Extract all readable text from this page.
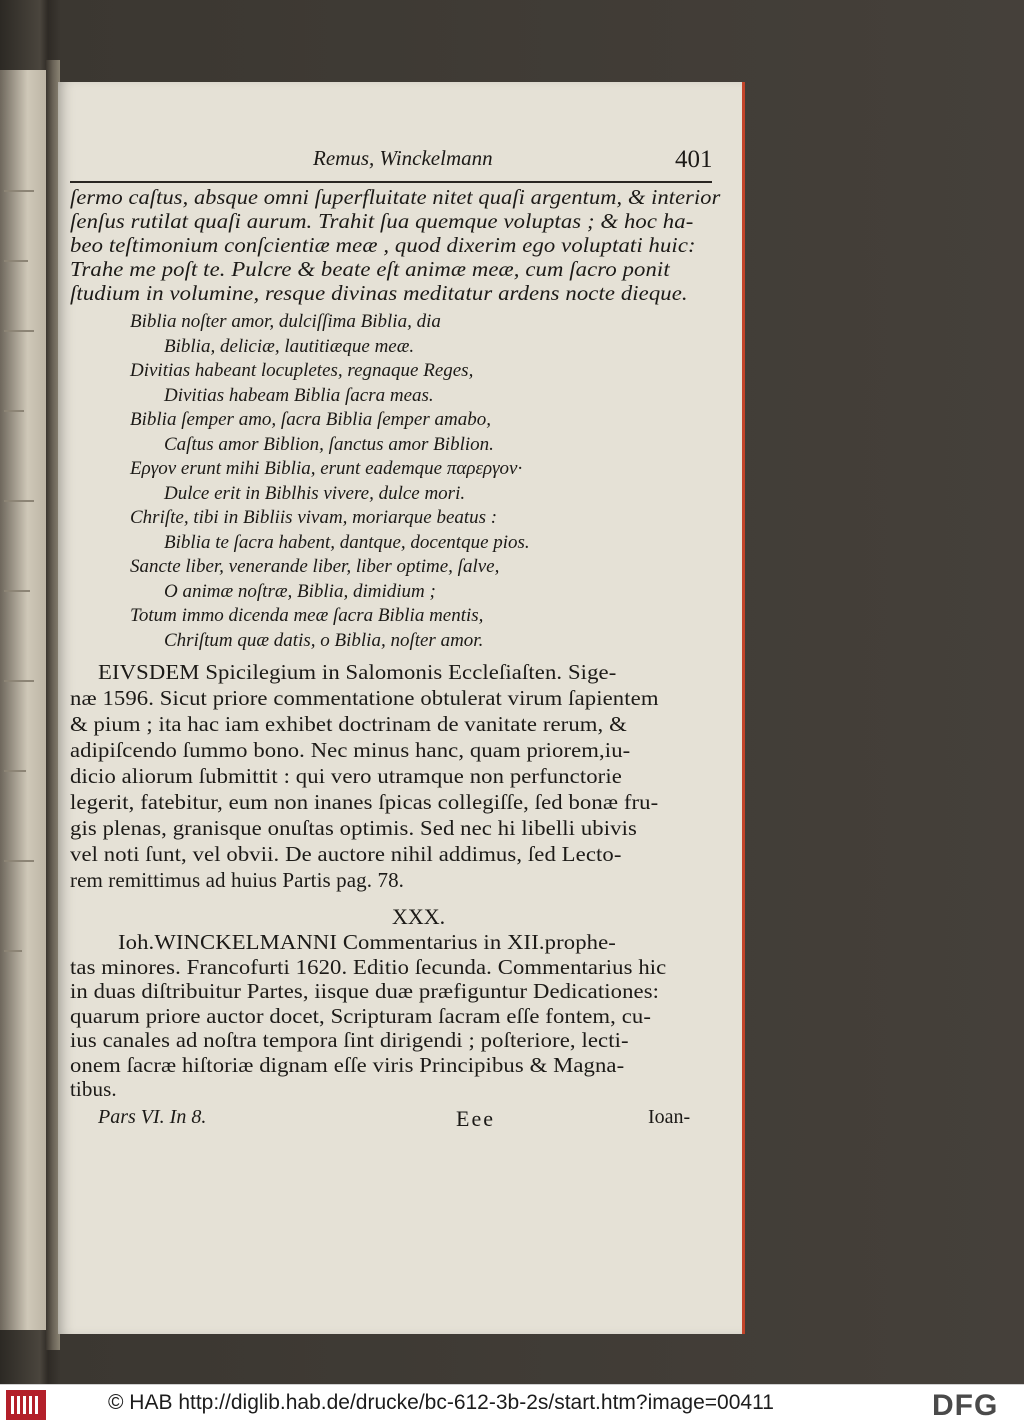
Remus, Winckelmann	401
ſermo caſtus, absque omni ſuperfluitate nitet quaſi argentum, & interior
ſenſus rutilat quaſi aurum. Trahit ſua quemque voluptas ; & hoc ha-
beo teſtimonium conſcientiæ meæ , quod dixerim ego voluptati huic:
Trahe me poſt te. Pulcre & beate eſt animæ meæ, cum ſacro ponit
ſtudium in volumine, resque divinas meditatur ardens nocte dieque.
Biblia noſter amor, dulciſſima Biblia, dia
Biblia, deliciæ, lautitiæque meæ.
Divitias habeant locupletes, regnaque Reges,
Divitias habeam Biblia ſacra meas.
Biblia ſemper amo, ſacra Biblia ſemper amabo,
Caſtus amor Biblion, ſanctus amor Biblion.
Εργον erunt mihi Biblia, erunt eademque παρεργον·
Dulce erit in Biblhis vivere, dulce mori.
Chriſte, tibi in Bibliis vivam, moriarque beatus :
Biblia te ſacra habent, dantque, docentque pios.
Sancte liber, venerande liber, liber optime, ſalve,
O animæ noſtræ, Biblia, dimidium ;
Totum immo dicenda meæ ſacra Biblia mentis,
Chriſtum quæ datis, o Biblia, noſter amor.
EIVSDEM Spicilegium in Salomonis Eccleſiaſten. Sige-
næ 1596. Sicut priore commentatione obtulerat virum ſapientem
& pium ; ita hac iam exhibet doctrinam de vanitate rerum, &
adipiſcendo ſummo bono. Nec minus hanc, quam priorem,iu-
dicio aliorum ſubmittit : qui vero utramque non perfunctorie
legerit, fatebitur, eum non inanes ſpicas collegiſſe, ſed bonæ fru-
gis plenas, granisque onuſtas optimis. Sed nec hi libelli ubivis
vel noti ſunt, vel obvii. De auctore nihil addimus, ſed Lecto-
rem remittimus ad huius Partis pag. 78.
XXX.
Ioh.WINCKELMANNI Commentarius in XII.prophe-
tas minores. Francofurti 1620. Editio ſecunda. Commentarius hic
in duas diſtribuitur Partes, iisque duæ præfiguntur Dedicationes:
quarum priore auctor docet, Scripturam ſacram eſſe fontem, cu-
ius canales ad noſtra tempora ſint dirigendi ; poſteriore, lecti-
onem ſacræ hiſtoriæ dignam eſſe viris Principibus & Magna-
tibus.
Pars VI. In 8.	Eee	Ioan-
© HAB http://diglib.hab.de/drucke/bc-612-3b-2s/start.htm?image=00411	DFG
